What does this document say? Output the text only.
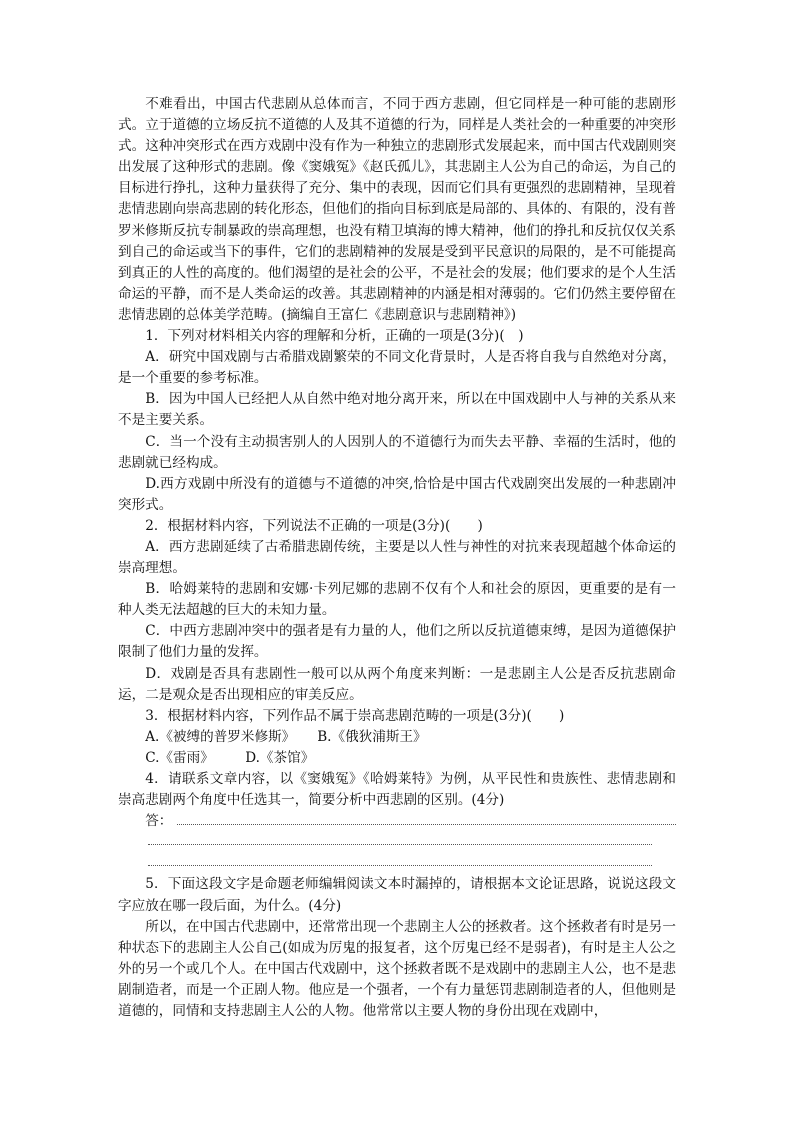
不难看出，中国古代悲剧从总体而言，不同于西方悲剧，但它同样是一种可能的悲剧形式。立于道德的立场反抗不道德的人及其不道德的行为，同样是人类社会的一种重要的冲突形式。这种冲突形式在西方戏剧中没有作为一种独立的悲剧形式发展起来，而中国古代戏剧则突出发展了这种形式的悲剧。像《窦娥冤》《赵氏孤儿》，其悲剧主人公为自己的命运，为自己的目标进行挣扎，这种力量获得了充分、集中的表现，因而它们具有更强烈的悲剧精神，呈现着悲情悲剧向崇高悲剧的转化形态，但他们的指向目标到底是局部的、具体的、有限的，没有普罗米修斯反抗专制暴政的崇高理想，也没有精卫填海的博大精神，他们的挣扎和反抗仅仅关系到自己的命运或当下的事件，它们的悲剧精神的发展是受到平民意识的局限的，是不可能提高到真正的人性的高度的。他们渴望的是社会的公平，不是社会的发展；他们要求的是个人生活命运的平静，而不是人类命运的改善。其悲剧精神的内涵是相对薄弱的。它们仍然主要停留在悲情悲剧的总体美学范畴。(摘编自王富仁《悲剧意识与悲剧精神》)

1．下列对材料相关内容的理解和分析，正确的一项是(3分)(　)

A．研究中国戏剧与古希腊戏剧繁荣的不同文化背景时，人是否将自我与自然绝对分离，是一个重要的参考标准。

B．因为中国人已经把人从自然中绝对地分离开来，所以在中国戏剧中人与神的关系从来不是主要关系。

C．当一个没有主动损害别人的人因别人的不道德行为而失去平静、幸福的生活时，他的悲剧就已经构成。

D.西方戏剧中所没有的道德与不道德的冲突,恰恰是中国古代戏剧突出发展的一种悲剧冲突形式。

2．根据材料内容，下列说法不正确的一项是(3分)(　　)

A．西方悲剧延续了古希腊悲剧传统，主要是以人性与神性的对抗来表现超越个体命运的崇高理想。

B．哈姆莱特的悲剧和安娜·卡列尼娜的悲剧不仅有个人和社会的原因，更重要的是有一种人类无法超越的巨大的未知力量。

C．中西方悲剧冲突中的强者是有力量的人，他们之所以反抗道德束缚，是因为道德保护限制了他们力量的发挥。

D．戏剧是否具有悲剧性一般可以从两个角度来判断：一是悲剧主人公是否反抗悲剧命运，二是观众是否出现相应的审美反应。

3．根据材料内容，下列作品不属于崇高悲剧范畴的一项是(3分)(　　)

A.《被缚的普罗米修斯》 B.《俄狄浦斯王》
C.《雷雨》 D.《茶馆》

4．请联系文章内容，以《窦娥冤》《哈姆莱特》为例，从平民性和贵族性、悲情悲剧和崇高悲剧两个角度中任选其一，简要分析中西悲剧的区别。(4分)

答：

5．下面这段文字是命题老师编辑阅读文本时漏掉的，请根据本文论证思路，说说这段文字应放在哪一段后面，为什么。(4分)

所以，在中国古代悲剧中，还常常出现一个悲剧主人公的拯救者。这个拯救者有时是另一种状态下的悲剧主人公自己(如成为厉鬼的报复者，这个厉鬼已经不是弱者)，有时是主人公之外的另一个或几个人。在中国古代戏剧中，这个拯救者既不是戏剧中的悲剧主人公，也不是悲剧制造者，而是一个正剧人物。他应是一个强者，一个有力量惩罚悲剧制造者的人，但他则是道德的，同情和支持悲剧主人公的人物。他常常以主要人物的身份出现在戏剧中，
